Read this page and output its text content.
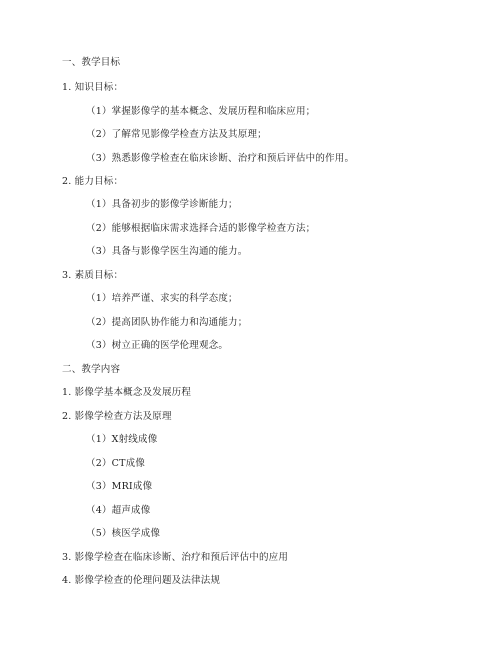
一、教学目标
1. 知识目标：
（1）掌握影像学的基本概念、发展历程和临床应用；
（2）了解常见影像学检查方法及其原理；
（3）熟悉影像学检查在临床诊断、治疗和预后评估中的作用。
2. 能力目标：
（1）具备初步的影像学诊断能力；
（2）能够根据临床需求选择合适的影像学检查方法；
（3）具备与影像学医生沟通的能力。
3. 素质目标：
（1）培养严谨、求实的科学态度；
（2）提高团队协作能力和沟通能力；
（3）树立正确的医学伦理观念。
二、教学内容
1. 影像学基本概念及发展历程
2. 影像学检查方法及原理
（1）X射线成像
（2）CT成像
（3）MRI成像
（4）超声成像
（5）核医学成像
3. 影像学检查在临床诊断、治疗和预后评估中的应用
4. 影像学检查的伦理问题及法律法规
